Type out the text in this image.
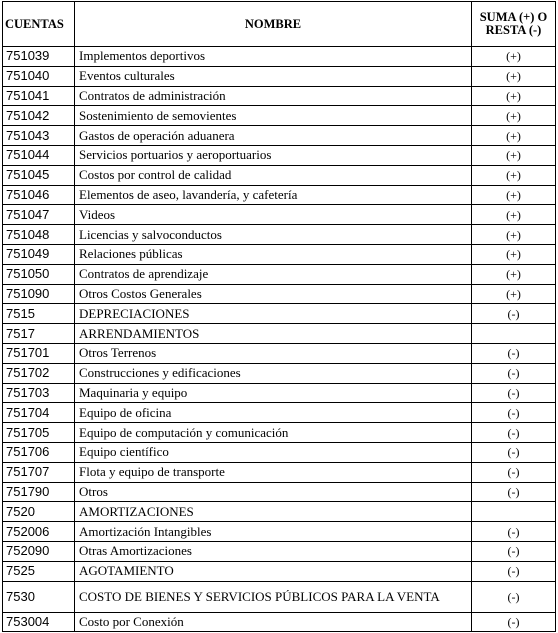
CUENTAS	NOMBRE	SUMA (+) O RESTA (-)
751039	Implementos deportivos	(+)
751040	Eventos culturales	(+)
751041	Contratos de administración	(+)
751042	Sostenimiento de semovientes	(+)
751043	Gastos de operación aduanera	(+)
751044	Servicios portuarios y aeroportuarios	(+)
751045	Costos por control de calidad	(+)
751046	Elementos de aseo, lavandería, y cafetería	(+)
751047	Videos	(+)
751048	Licencias y salvoconductos	(+)
751049	Relaciones públicas	(+)
751050	Contratos de aprendizaje	(+)
751090	Otros Costos Generales	(+)
7515	DEPRECIACIONES	(-)
7517	ARRENDAMIENTOS	
751701	Otros Terrenos	(-)
751702	Construcciones y edificaciones	(-)
751703	Maquinaria y equipo	(-)
751704	Equipo de oficina	(-)
751705	Equipo de computación y comunicación	(-)
751706	Equipo científico	(-)
751707	Flota y equipo de transporte	(-)
751790	Otros	(-)
7520	AMORTIZACIONES	
752006	Amortización Intangibles	(-)
752090	Otras Amortizaciones	(-)
7525	AGOTAMIENTO	(-)
7530	COSTO DE BIENES Y SERVICIOS PÚBLICOS PARA LA VENTA	(-)
753004	Costo por Conexión	(-)
